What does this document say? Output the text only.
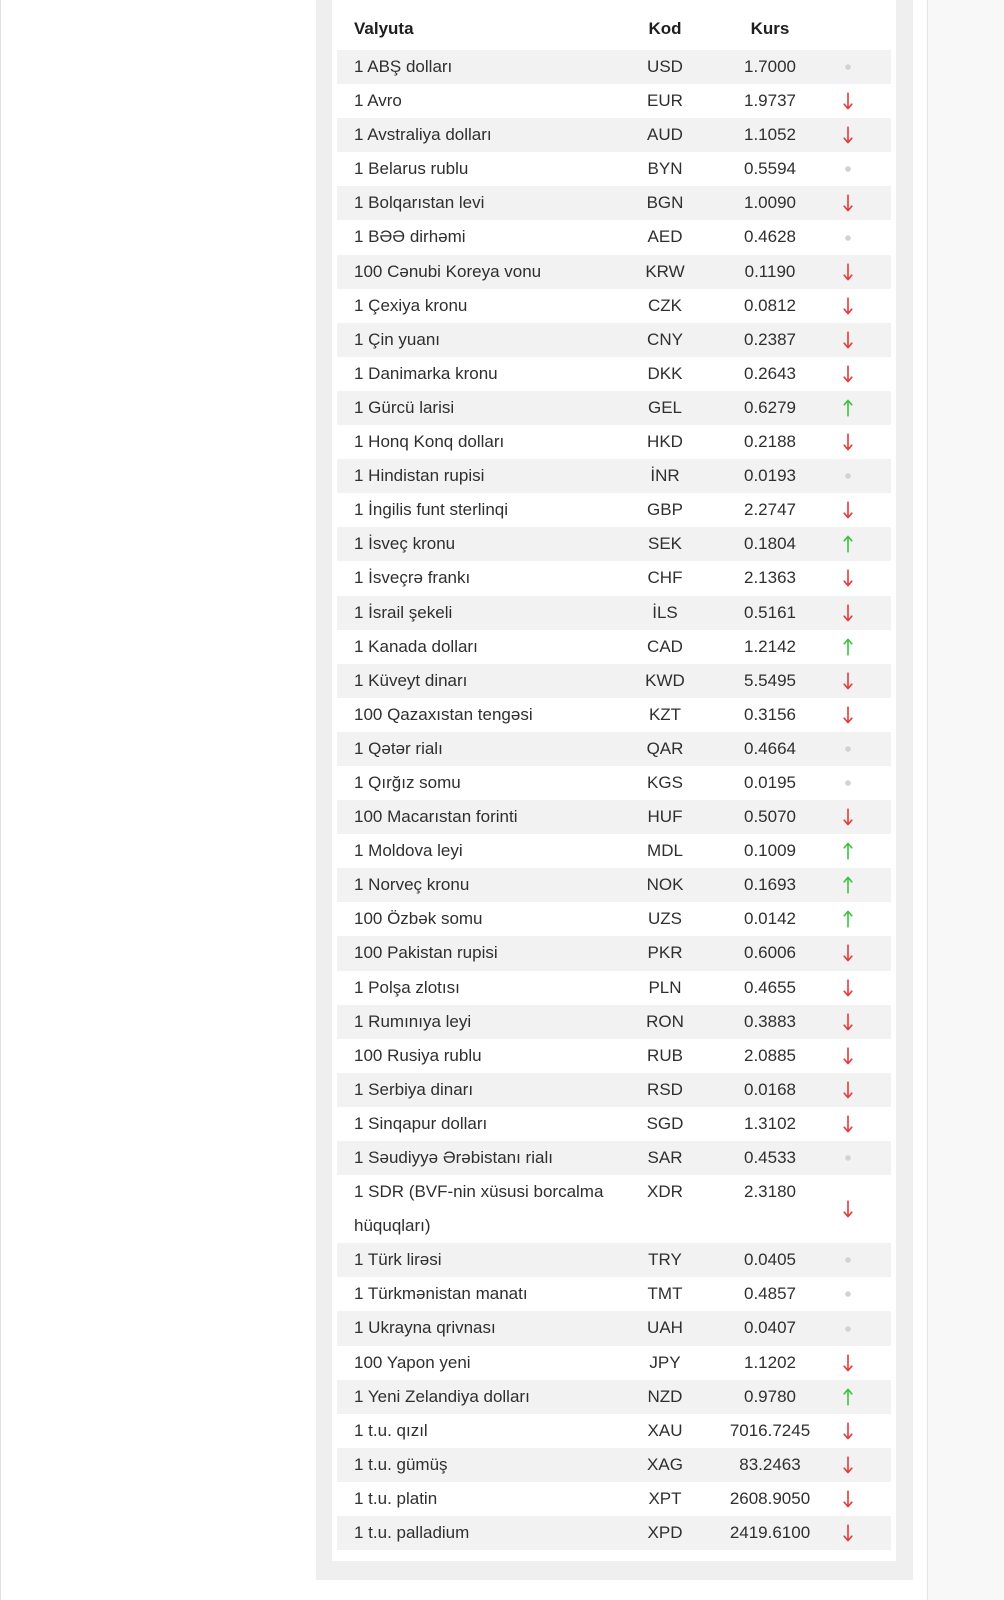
Valyuta	Kod	Kurs	
1 ABŞ dolları	USD	1.7000	

1 Avro	EUR	1.9737	

1 Avstraliya dolları	AUD	1.1052	

1 Belarus rublu	BYN	0.5594	

1 Bolqarıstan levi	BGN	1.0090	

1 BƏƏ dirhəmi	AED	0.4628	

100 Cənubi Koreya vonu	KRW	0.1190	

1 Çexiya kronu	CZK	0.0812	

1 Çin yuanı	CNY	0.2387	

1 Danimarka kronu	DKK	0.2643	

1 Gürcü larisi	GEL	0.6279	

1 Honq Konq dolları	HKD	0.2188	

1 Hindistan rupisi	İNR	0.0193	

1 İngilis funt sterlinqi	GBP	2.2747	

1 İsveç kronu	SEK	0.1804	

1 İsveçrə frankı	CHF	2.1363	

1 İsrail şekeli	İLS	0.5161	

1 Kanada dolları	CAD	1.2142	

1 Küveyt dinarı	KWD	5.5495	

100 Qazaxıstan tengəsi	KZT	0.3156	

1 Qətər rialı	QAR	0.4664	

1 Qırğız somu	KGS	0.0195	

100 Macarıstan forinti	HUF	0.5070	

1 Moldova leyi	MDL	0.1009	

1 Norveç kronu	NOK	0.1693	

100 Özbək somu	UZS	0.0142	

100 Pakistan rupisi	PKR	0.6006	

1 Polşa zlotısı	PLN	0.4655	

1 Rumınıya leyi	RON	0.3883	

100 Rusiya rublu	RUB	2.0885	

1 Serbiya dinarı	RSD	0.0168	

1 Sinqapur dolları	SGD	1.3102	

1 Səudiyyə Ərəbistanı rialı	SAR	0.4533	

1 SDR (BVF-nin xüsusi borcalma hüquqları)	XDR	2.3180	

1 Türk lirəsi	TRY	0.0405	

1 Türkmənistan manatı	TMT	0.4857	

1 Ukrayna qrivnası	UAH	0.0407	

100 Yapon yeni	JPY	1.1202	

1 Yeni Zelandiya dolları	NZD	0.9780	

1 t.u. qızıl	XAU	7016.7245	

1 t.u. gümüş	XAG	83.2463	

1 t.u. platin	XPT	2608.9050	

1 t.u. palladium	XPD	2419.6100	
